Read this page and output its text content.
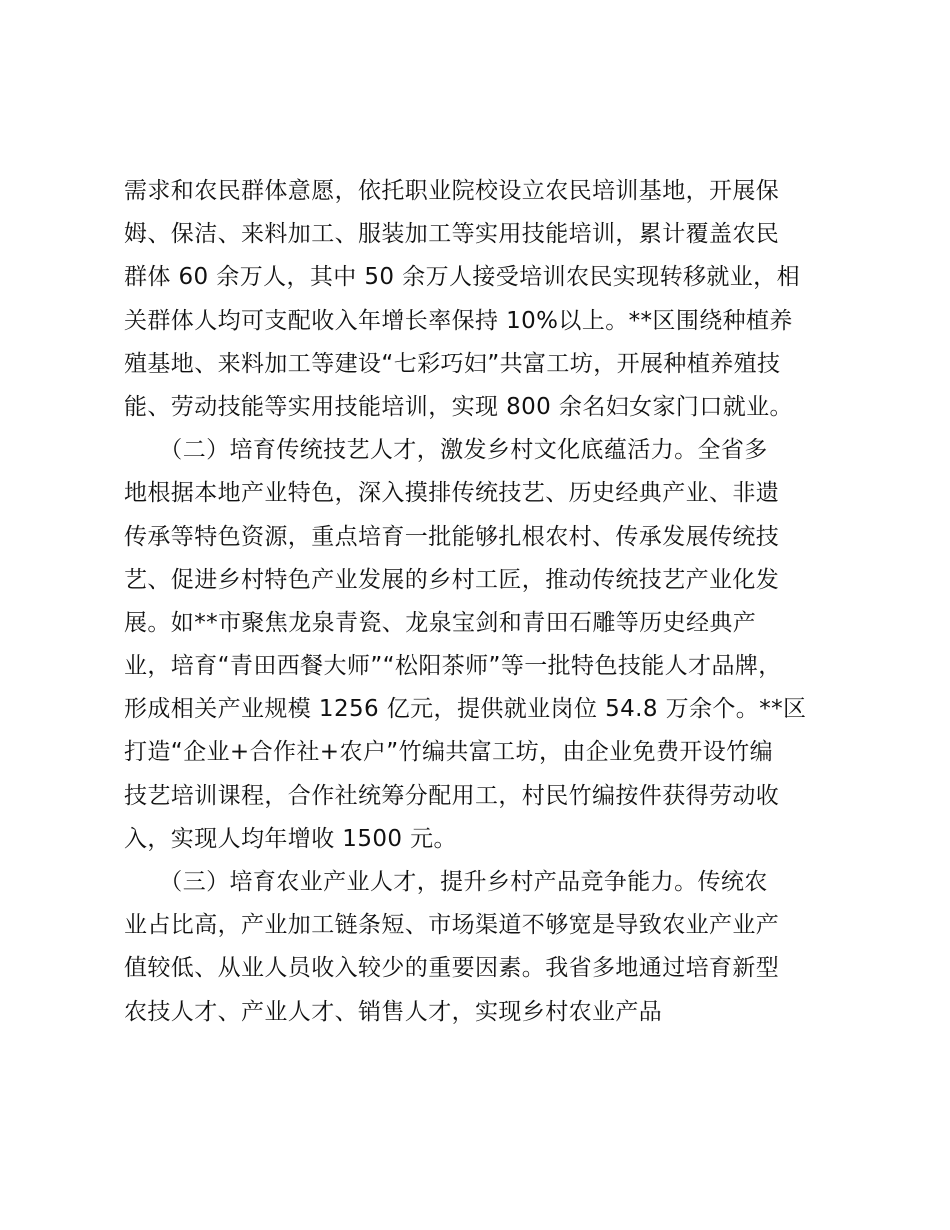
需求和农民群体意愿，依托职业院校设立农民培训基地，开展保
姆、保洁、来料加工、服装加工等实用技能培训，累计覆盖农民
群体 60 余万人，其中 50 余万人接受培训农民实现转移就业，相
关群体人均可支配收入年增长率保持 10%以上。**区围绕种植养
殖基地、来料加工等建设“七彩巧妇”共富工坊，开展种植养殖技
能、劳动技能等实用技能培训，实现 800 余名妇女家门口就业。
　　（二）培育传统技艺人才，激发乡村文化底蕴活力。全省多
地根据本地产业特色，深入摸排传统技艺、历史经典产业、非遗
传承等特色资源，重点培育一批能够扎根农村、传承发展传统技
艺、促进乡村特色产业发展的乡村工匠，推动传统技艺产业化发
展。如**市聚焦龙泉青瓷、龙泉宝剑和青田石雕等历史经典产
业，培育“青田西餐大师”“松阳茶师”等一批特色技能人才品牌，
形成相关产业规模 1256 亿元，提供就业岗位 54.8 万余个。**区
打造“企业+合作社+农户”竹编共富工坊，由企业免费开设竹编
技艺培训课程，合作社统筹分配用工，村民竹编按件获得劳动收
入，实现人均年增收 1500 元。
　　（三）培育农业产业人才，提升乡村产品竞争能力。传统农
业占比高，产业加工链条短、市场渠道不够宽是导致农业产业产
值较低、从业人员收入较少的重要因素。我省多地通过培育新型
农技人才、产业人才、销售人才，实现乡村农业产品
